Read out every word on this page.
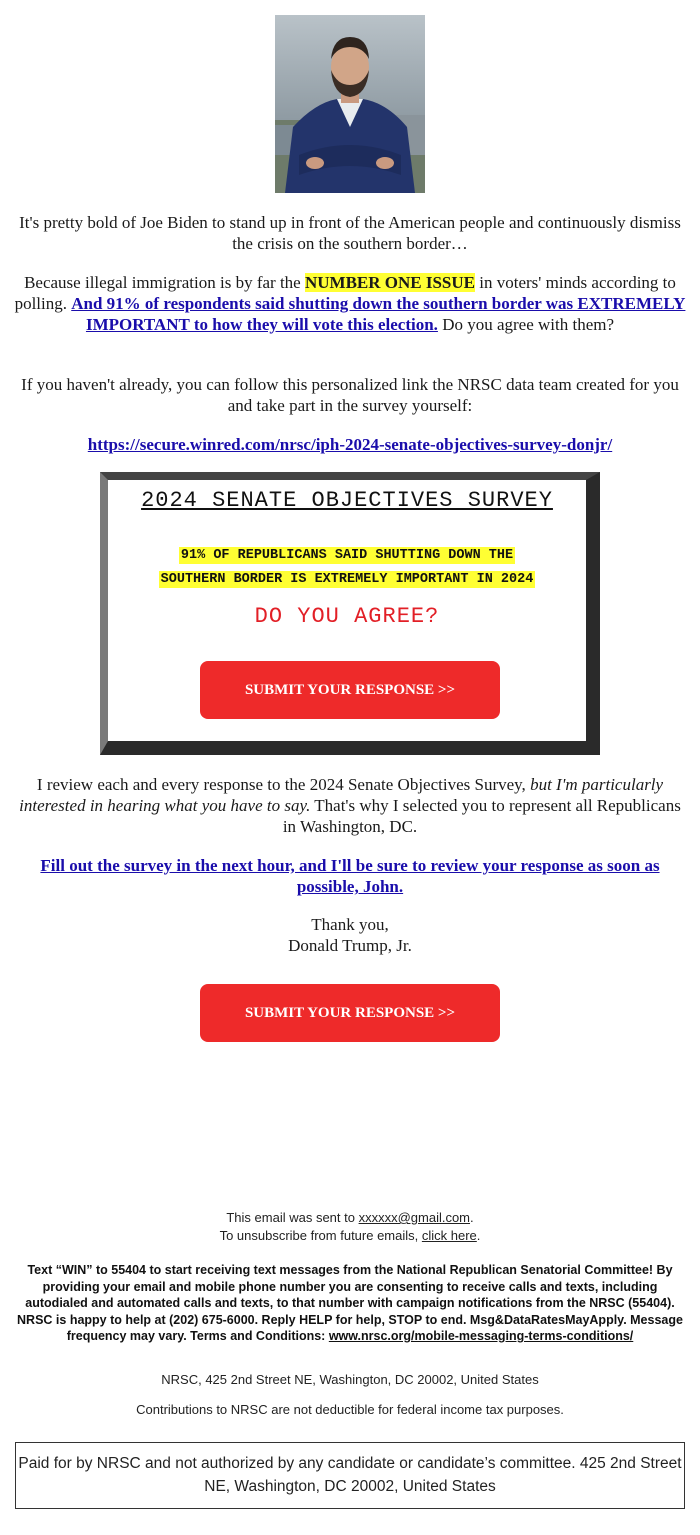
It's pretty bold of Joe Biden to stand up in front of the American people and continuously dismiss the crisis on the southern border…
Because illegal immigration is by far the NUMBER ONE ISSUE in voters' minds according to polling. And 91% of respondents said shutting down the southern border was EXTREMELY IMPORTANT to how they will vote this election. Do you agree with them?
If you haven't already, you can follow this personalized link the NRSC data team created for you and take part in the survey yourself:
https://secure.winred.com/nrsc/iph-2024-senate-objectives-survey-donjr/
2024 SENATE OBJECTIVES SURVEY
91% OF REPUBLICANS SAID SHUTTING DOWN THE
SOUTHERN BORDER IS EXTREMELY IMPORTANT IN 2024
DO YOU AGREE?
SUBMIT YOUR RESPONSE >>
I review each and every response to the 2024 Senate Objectives Survey, but I'm particularly interested in hearing what you have to say. That's why I selected you to represent all Republicans in Washington, DC.
Fill out the survey in the next hour, and I'll be sure to review your response as soon as possible, John.
Thank you,
Donald Trump, Jr.
SUBMIT YOUR RESPONSE >>
This email was sent to xxxxxx@gmail.com.
To unsubscribe from future emails, click here.
Text “WIN” to 55404 to start receiving text messages from the National Republican Senatorial Committee! By providing your email and mobile phone number you are consenting to receive calls and texts, including autodialed and automated calls and texts, to that number with campaign notifications from the NRSC (55404). NRSC is happy to help at (202) 675-6000. Reply HELP for help, STOP to end. Msg&DataRatesMayApply. Message frequency may vary. Terms and Conditions: www.nrsc.org/mobile-messaging-terms-conditions/
NRSC, 425 2nd Street NE, Washington, DC 20002, United States
Contributions to NRSC are not deductible for federal income tax purposes.
Paid for by NRSC and not authorized by any candidate or candidate’s committee. 425 2nd Street NE, Washington, DC 20002, United States
